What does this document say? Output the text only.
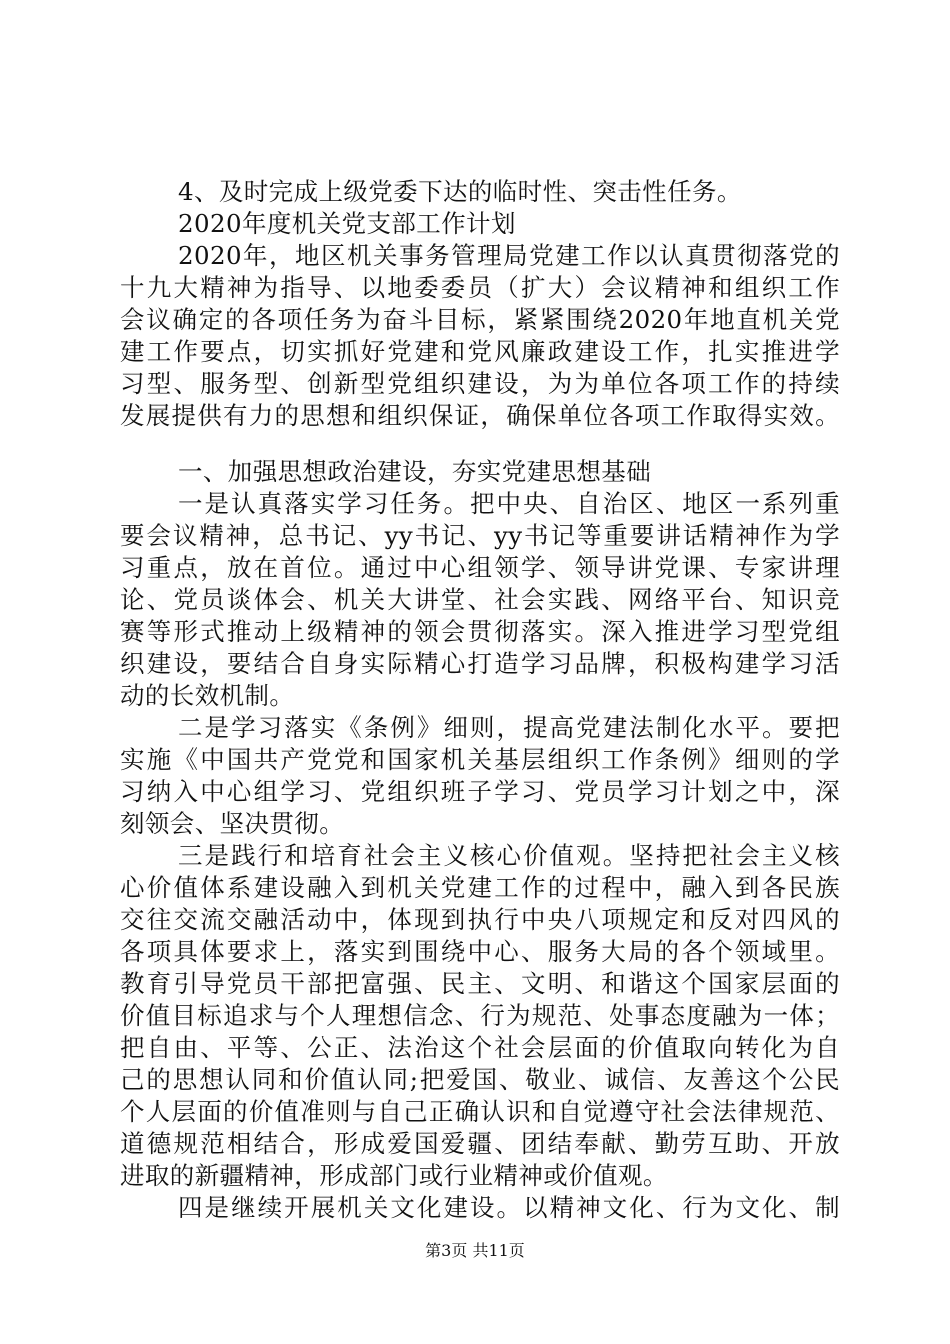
4、及时完成上级党委下达的临时性、突击性任务。
2020年度机关党支部工作计划
2020年，地区机关事务管理局党建工作以认真贯彻落党的
十九大精神为指导、以地委委员（扩大）会议精神和组织工作
会议确定的各项任务为奋斗目标，紧紧围绕2020年地直机关党
建工作要点，切实抓好党建和党风廉政建设工作，扎实推进学
习型、服务型、创新型党组织建设，为为单位各项工作的持续
发展提供有力的思想和组织保证，确保单位各项工作取得实效。
一、加强思想政治建设，夯实党建思想基础
一是认真落实学习任务。把中央、自治区、地区一系列重
要会议精神，总书记、yy书记、yy书记等重要讲话精神作为学
习重点，放在首位。通过中心组领学、领导讲党课、专家讲理
论、党员谈体会、机关大讲堂、社会实践、网络平台、知识竞
赛等形式推动上级精神的领会贯彻落实。深入推进学习型党组
织建设，要结合自身实际精心打造学习品牌，积极构建学习活
动的长效机制。
二是学习落实《条例》细则，提高党建法制化水平。要把
实施《中国共产党党和国家机关基层组织工作条例》细则的学
习纳入中心组学习、党组织班子学习、党员学习计划之中，深
刻领会、坚决贯彻。
三是践行和培育社会主义核心价值观。坚持把社会主义核
心价值体系建设融入到机关党建工作的过程中，融入到各民族
交往交流交融活动中，体现到执行中央八项规定和反对四风的
各项具体要求上，落实到围绕中心、服务大局的各个领域里。
教育引导党员干部把富强、民主、文明、和谐这个国家层面的
价值目标追求与个人理想信念、行为规范、处事态度融为一体；
把自由、平等、公正、法治这个社会层面的价值取向转化为自
己的思想认同和价值认同;把爱国、敬业、诚信、友善这个公民
个人层面的价值准则与自己正确认识和自觉遵守社会法律规范、
道德规范相结合，形成爱国爱疆、团结奉献、勤劳互助、开放
进取的新疆精神，形成部门或行业精神或价值观。
四是继续开展机关文化建设。以精神文化、行为文化、制
第3页 共11页
